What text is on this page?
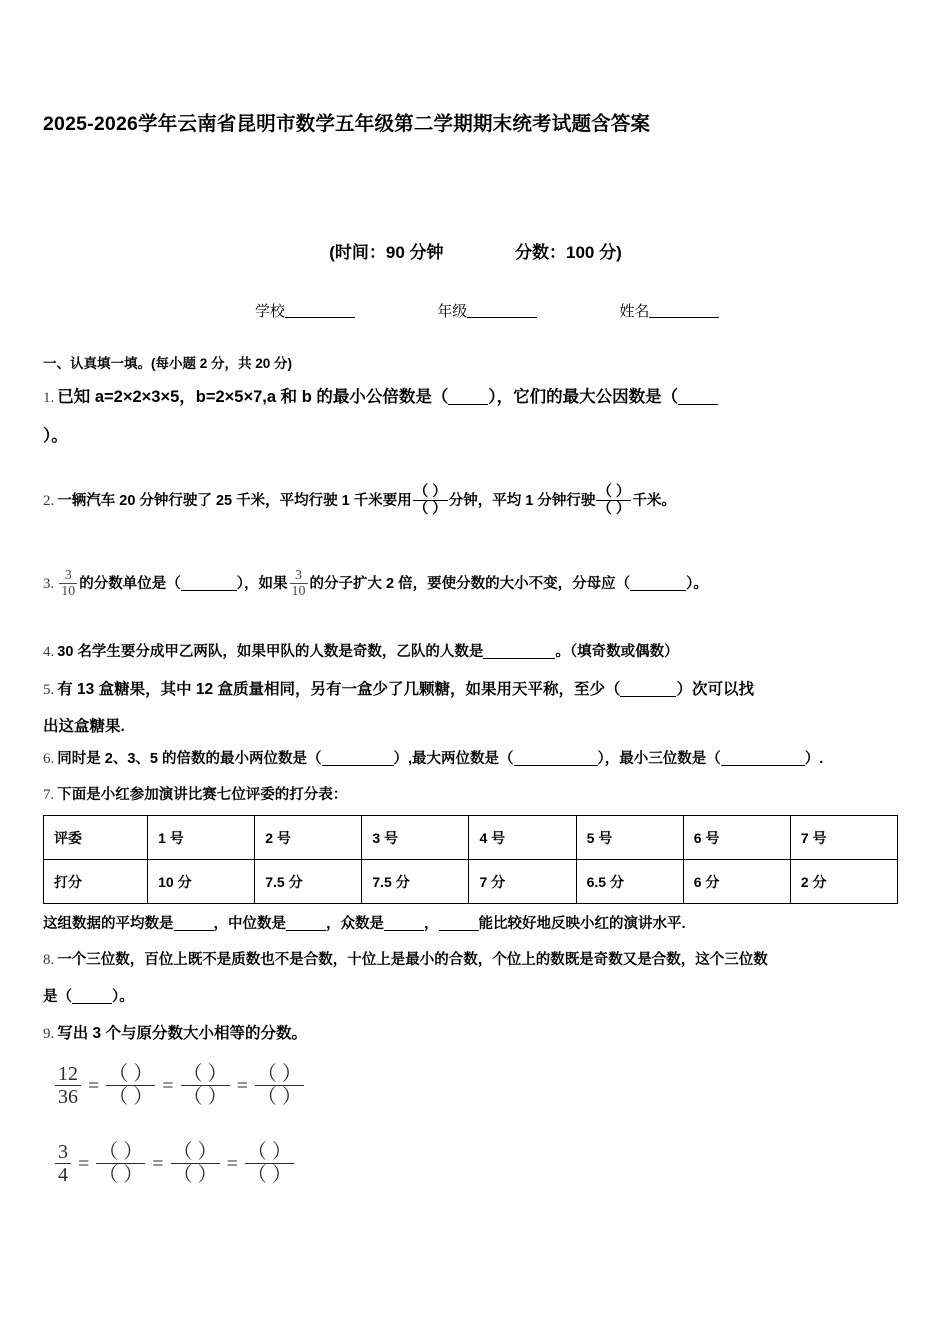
2025-2026学年云南省昆明市数学五年级第二学期期末统考试题含答案
(时间：90 分钟	分数：100 分)
学校	年级	姓名
一、认真填一填。(每小题 2 分，共 20 分)
1. 已知 a=2×2×3×5，b=2×5×7,a 和 b 的最小公倍数是（ ），它们的最大公因数是（
）。
2. 一辆汽车 20 分钟行驶了 25 千米，平均行驶 1 千米要用 $\frac{( )}{( )}$ 分钟，平均 1 分钟行驶 $\frac{( )}{( )}$ 千米。
3. $\frac{3}{10}$ 的分数单位是（	），如果 $\frac{3}{10}$ 的分子扩大 2 倍，要使分数的大小不变，分母应（	）。
4. 30 名学生要分成甲乙两队，如果甲队的人数是奇数，乙队的人数是	。（填奇数或偶数）
5. 有 13 盒糖果，其中 12 盒质量相同，另有一盒少了几颗糖，如果用天平称，至少（	）次可以找
出这盒糖果.
6. 同时是 2、3、5 的倍数的最小两位数是（	）,最大两位数是（	），最小三位数是（	）.
7. 下面是小红参加演讲比赛七位评委的打分表：
评委	1 号	2 号	3 号	4 号	5 号	6 号	7 号
打分	10 分	7.5 分	7.5 分	7 分	6.5 分	6 分	2 分
这组数据的平均数是	，中位数是	，众数是	，	能比较好地反映小红的演讲水平.
8. 一个三位数，百位上既不是质数也不是合数，十位上是最小的合数，个位上的数既是奇数又是合数，这个三位数
是（	）。
9. 写出 3 个与原分数大小相等的分数。
$\frac{12}{36} = \frac{( )}{( )} = \frac{( )}{( )} = \frac{( )}{( )}$
$\frac{3}{4} = \frac{( )}{( )} = \frac{( )}{( )} = \frac{( )}{( )}$
